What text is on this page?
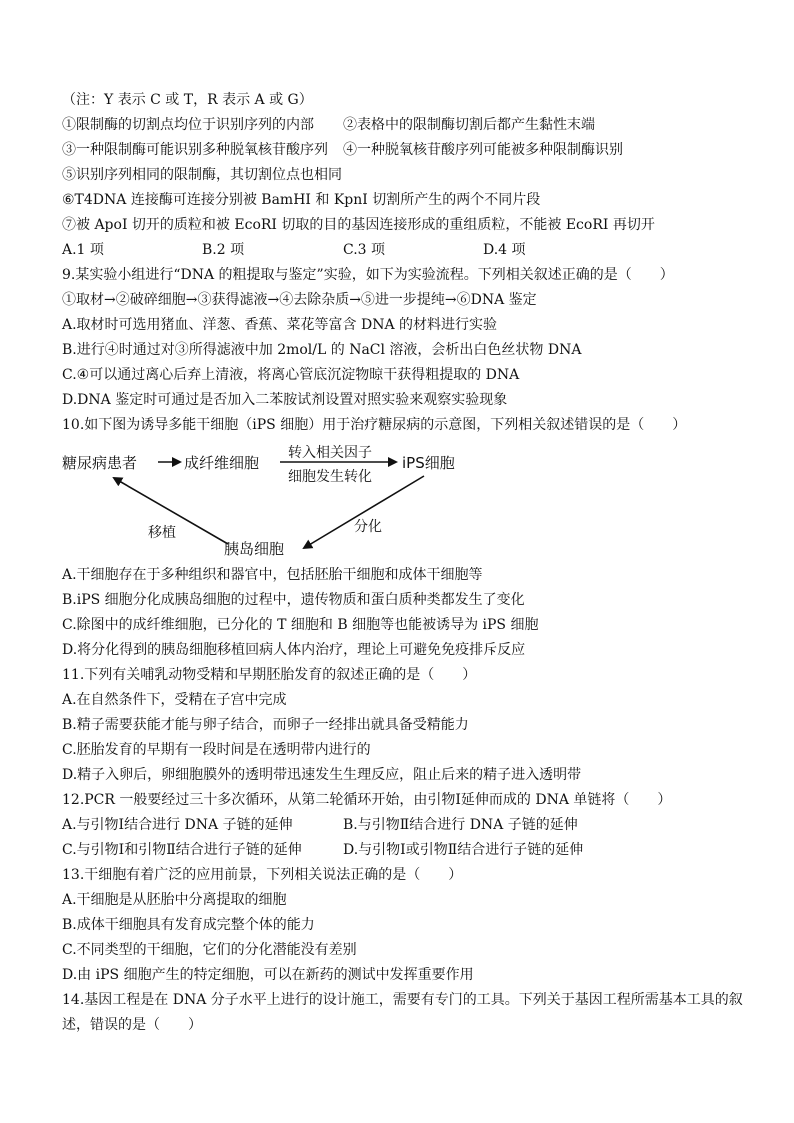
（注：Y 表示 C 或 T，R 表示 A 或 G）
①限制酶的切割点均位于识别序列的内部 ②表格中的限制酶切割后都产生黏性末端
③一种限制酶可能识别多种脱氧核苷酸序列 ④一种脱氧核苷酸序列可能被多种限制酶识别
⑤识别序列相同的限制酶，其切割位点也相同
⑥T4DNA 连接酶可连接分别被 BamHI 和 KpnI 切割所产生的两个不同片段
⑦被 ApoI 切开的质粒和被 EcoRI 切取的目的基因连接形成的重组质粒，不能被 EcoRI 再切开
A.1 项	B.2 项	C.3 项	D.4 项
9.某实验小组进行“DNA 的粗提取与鉴定”实验，如下为实验流程。下列相关叙述正确的是（　　）
①取材→②破碎细胞→③获得滤液→④去除杂质→⑤进一步提纯→⑥DNA 鉴定
A.取材时可选用猪血、洋葱、香蕉、菜花等富含 DNA 的材料进行实验
B.进行④时通过对③所得滤液中加 2mol/L 的 NaCl 溶液，会析出白色丝状物 DNA
C.④可以通过离心后弃上清液，将离心管底沉淀物晾干获得粗提取的 DNA
D.DNA 鉴定时可通过是否加入二苯胺试剂设置对照实验来观察实验现象
10.如下图为诱导多能干细胞（iPS 细胞）用于治疗糖尿病的示意图，下列相关叙述错误的是（　　）
糖尿病患者	成纤维细胞
转入相关因子
细胞发生转化
iPS细胞
移植	分化
胰岛细胞
A.干细胞存在于多种组织和器官中，包括胚胎干细胞和成体干细胞等
B.iPS 细胞分化成胰岛细胞的过程中，遗传物质和蛋白质种类都发生了变化
C.除图中的成纤维细胞，已分化的 T 细胞和 B 细胞等也能被诱导为 iPS 细胞
D.将分化得到的胰岛细胞移植回病人体内治疗，理论上可避免免疫排斥反应
11.下列有关哺乳动物受精和早期胚胎发育的叙述正确的是（　　）
A.在自然条件下，受精在子宫中完成
B.精子需要获能才能与卵子结合，而卵子一经排出就具备受精能力
C.胚胎发育的早期有一段时间是在透明带内进行的
D.精子入卵后，卵细胞膜外的透明带迅速发生生理反应，阻止后来的精子进入透明带
12.PCR 一般要经过三十多次循环，从第二轮循环开始，由引物Ⅰ延伸而成的 DNA 单链将（　　）
A.与引物Ⅰ结合进行 DNA 子链的延伸	B.与引物Ⅱ结合进行 DNA 子链的延伸
C.与引物Ⅰ和引物Ⅱ结合进行子链的延伸	D.与引物Ⅰ或引物Ⅱ结合进行子链的延伸
13.干细胞有着广泛的应用前景，下列相关说法正确的是（　　）
A.干细胞是从胚胎中分离提取的细胞
B.成体干细胞具有发育成完整个体的能力
C.不同类型的干细胞，它们的分化潜能没有差别
D.由 iPS 细胞产生的特定细胞，可以在新药的测试中发挥重要作用
14.基因工程是在 DNA 分子水平上进行的设计施工，需要有专门的工具。下列关于基因工程所需基本工具的叙
述，错误的是（　　）
